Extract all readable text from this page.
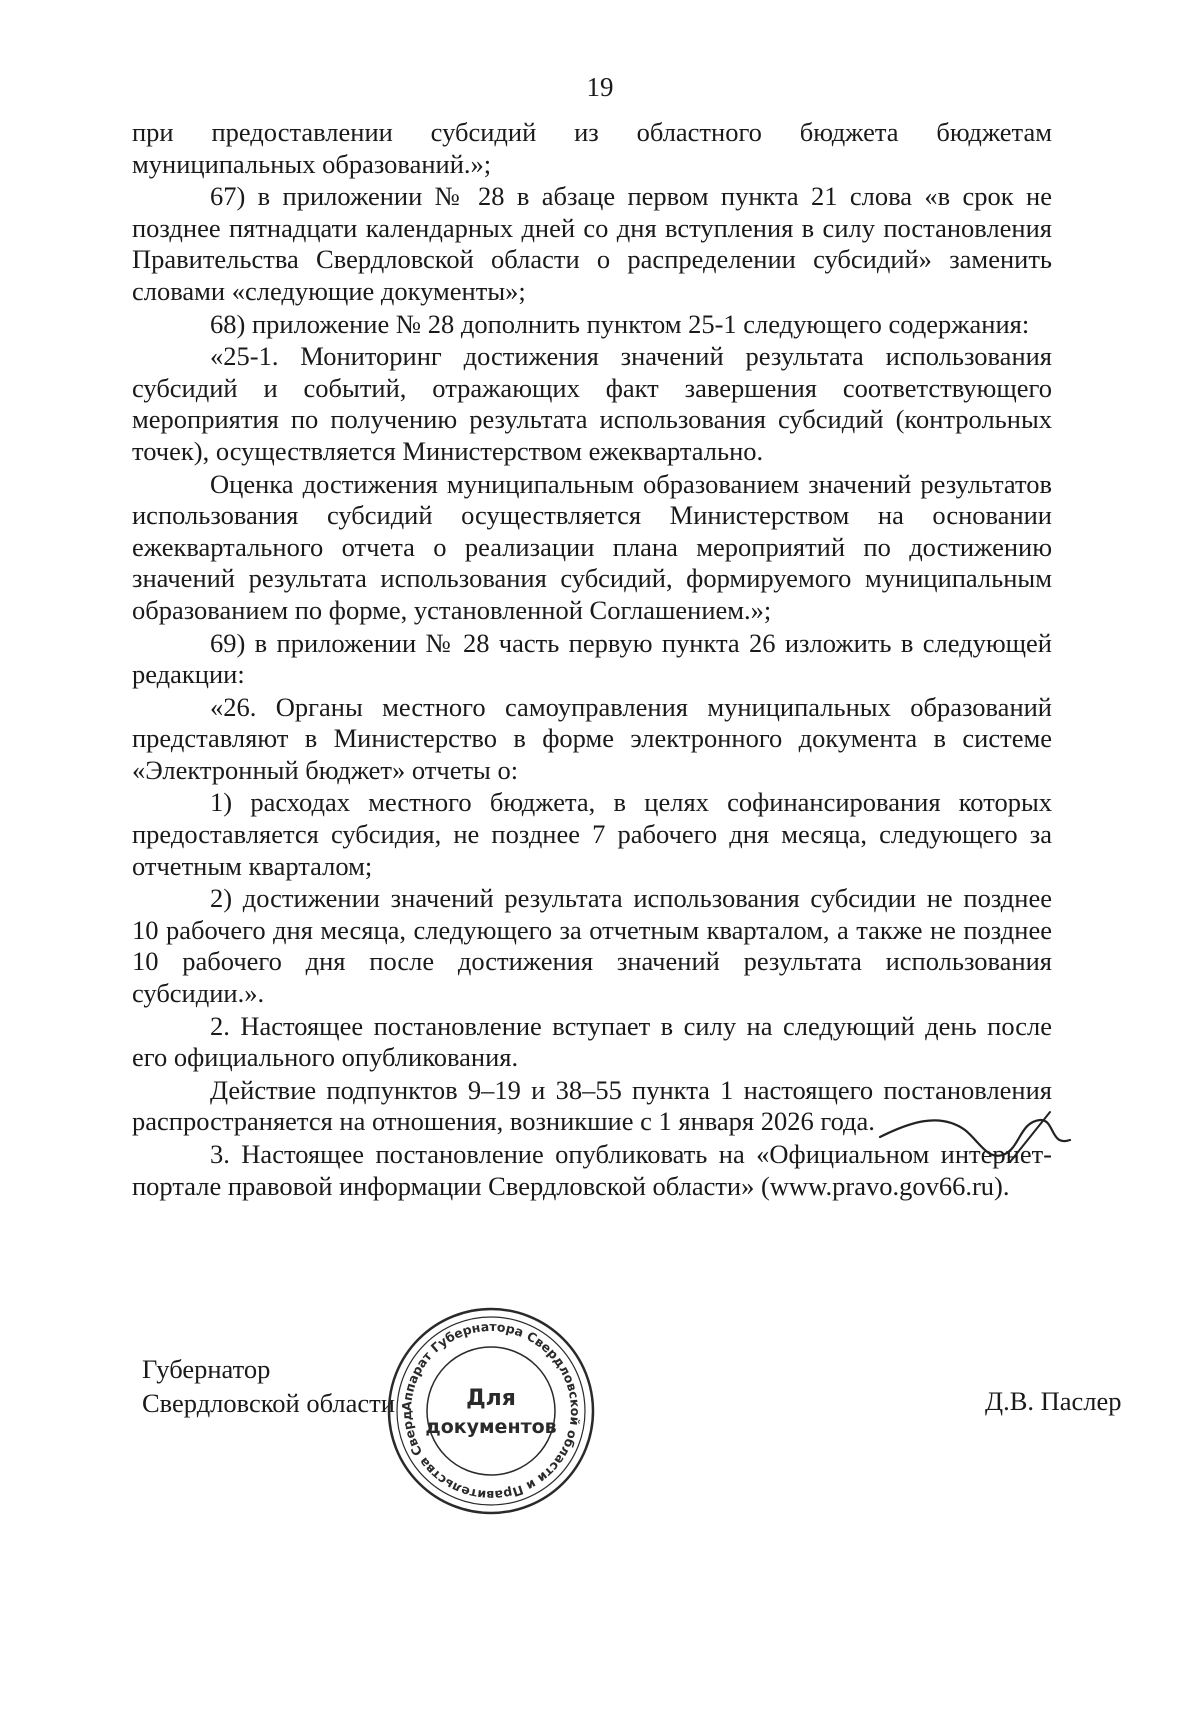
19

при предоставлении субсидий из областного бюджета бюджетам муниципальных образований.»;

67) в приложении № 28 в абзаце первом пункта 21 слова «в срок не позднее пятнадцати календарных дней со дня вступления в силу постановления Правительства Свердловской области о распределении субсидий» заменить словами «следующие документы»;

68) приложение № 28 дополнить пунктом 25-1 следующего содержания:

«25-1. Мониторинг достижения значений результата использования субсидий и событий, отражающих факт завершения соответствующего мероприятия по получению результата использования субсидий (контрольных точек), осуществляется Министерством ежеквартально.

Оценка достижения муниципальным образованием значений результатов использования субсидий осуществляется Министерством на основании ежеквартального отчета о реализации плана мероприятий по достижению значений результата использования субсидий, формируемого муниципальным образованием по форме, установленной Соглашением.»;

69) в приложении № 28 часть первую пункта 26 изложить в следующей редакции:

«26. Органы местного самоуправления муниципальных образований представляют в Министерство в форме электронного документа в системе «Электронный бюджет» отчеты о:

1) расходах местного бюджета, в целях софинансирования которых предоставляется субсидия, не позднее 7 рабочего дня месяца, следующего за отчетным кварталом;

2) достижении значений результата использования субсидии не позднее 10 рабочего дня месяца, следующего за отчетным кварталом, а также не позднее 10 рабочего дня после достижения значений результата использования субсидии.».

2. Настоящее постановление вступает в силу на следующий день после его официального опубликования.

Действие подпунктов 9–19 и 38–55 пункта 1 настоящего постановления распространяется на отношения, возникшие с 1 января 2026 года.

3. Настоящее постановление опубликовать на «Официальном интернет-портале правовой информации Свердловской области» (www.pravo.gov66.ru).

Губернатор
Свердловской области Аппарат Губернатора Свердловской области и Правительства Свердловской области ★
Для
документов
Д.В. Паслер
